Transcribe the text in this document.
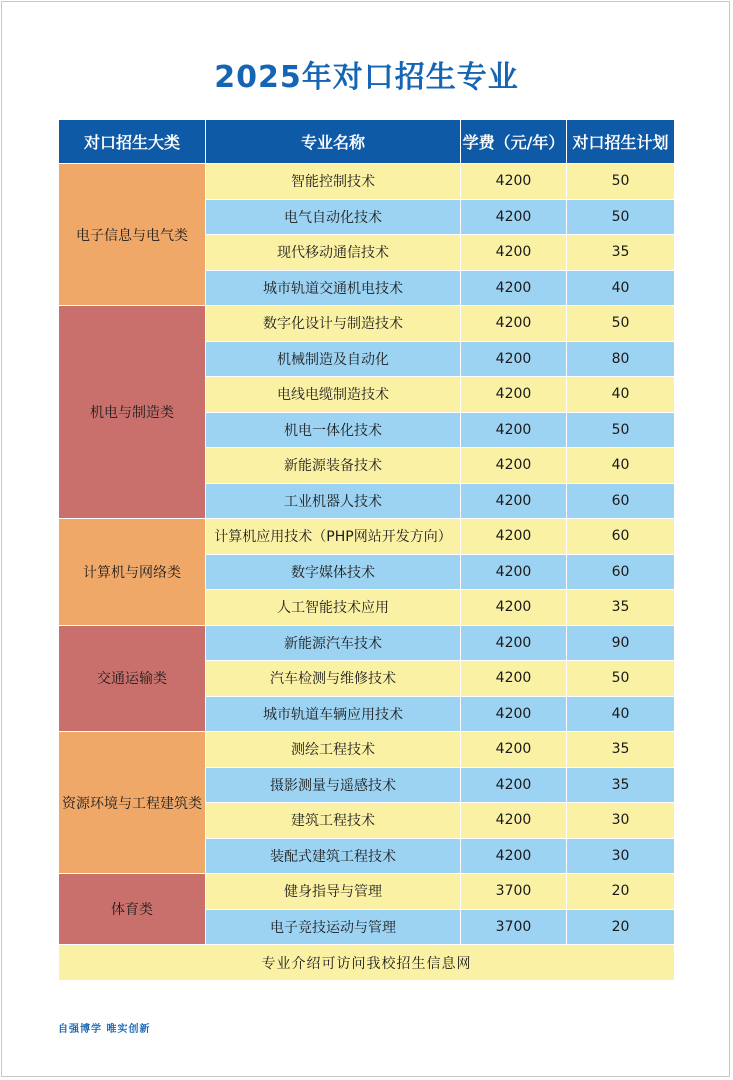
2025年对口招生专业
对口招生大类	专业名称	学费（元/年）	对口招生计划
电子信息与电气类	智能控制技术	4200	50
	电气自动化技术	4200	50
	现代移动通信技术	4200	35
	城市轨道交通机电技术	4200	40
机电与制造类	数字化设计与制造技术	4200	50
	机械制造及自动化	4200	80
	电线电缆制造技术	4200	40
	机电一体化技术	4200	50
	新能源装备技术	4200	40
	工业机器人技术	4200	60
计算机与网络类	计算机应用技术（PHP网站开发方向）	4200	60
	数字媒体技术	4200	60
	人工智能技术应用	4200	35
交通运输类	新能源汽车技术	4200	90
	汽车检测与维修技术	4200	50
	城市轨道车辆应用技术	4200	40
资源环境与工程建筑类	测绘工程技术	4200	35
	摄影测量与遥感技术	4200	35
	建筑工程技术	4200	30
	装配式建筑工程技术	4200	30
体育类	健身指导与管理	3700	20
	电子竞技运动与管理	3700	20
专业介绍可访问我校招生信息网			
自强博学 唯实创新
